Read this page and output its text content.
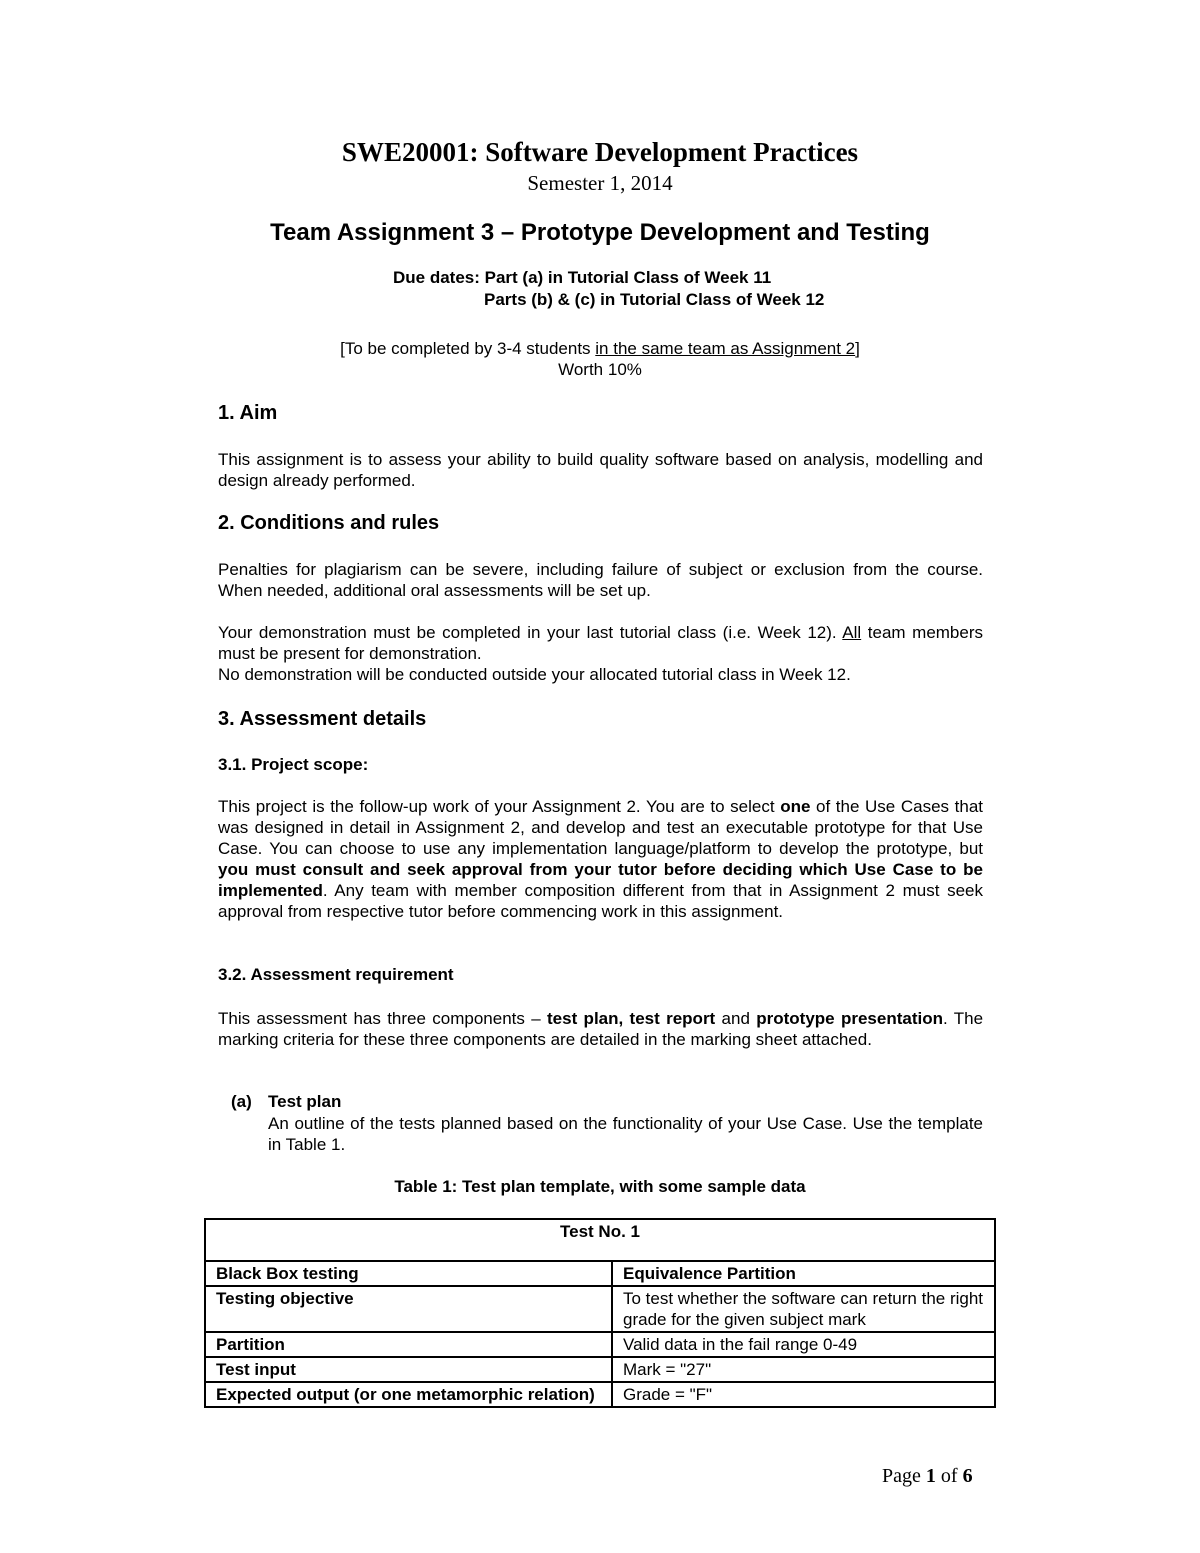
SWE20001: Software Development Practices
Semester 1, 2014
Team Assignment 3 – Prototype Development and Testing
Due dates: Part (a) in Tutorial Class of Week 11
Parts (b) & (c) in Tutorial Class of Week 12
[To be completed by 3-4 students in the same team as Assignment 2]
Worth 10%
1. Aim
This assignment is to assess your ability to build quality software based on analysis, modelling and design already performed.
2. Conditions and rules
Penalties for plagiarism can be severe, including failure of subject or exclusion from the course. When needed, additional oral assessments will be set up.
Your demonstration must be completed in your last tutorial class (i.e. Week 12). All team members must be present for demonstration.
No demonstration will be conducted outside your allocated tutorial class in Week 12.
3. Assessment details
3.1. Project scope:
This project is the follow-up work of your Assignment 2. You are to select one of the Use Cases that was designed in detail in Assignment 2, and develop and test an executable prototype for that Use Case. You can choose to use any implementation language/platform to develop the prototype, but you must consult and seek approval from your tutor before deciding which Use Case to be implemented. Any team with member composition different from that in Assignment 2 must seek approval from respective tutor before commencing work in this assignment.
3.2. Assessment requirement
This assessment has three components – test plan, test report and prototype presentation. The marking criteria for these three components are detailed in the marking sheet attached.
(a) Test plan
An outline of the tests planned based on the functionality of your Use Case. Use the template in Table 1.
Table 1: Test plan template, with some sample data
Test No. 1	
Black Box testing	Equivalence Partition
Testing objective	To test whether the software can return the right grade for the given subject mark
Partition	Valid data in the fail range 0-49
Test input	Mark = "27"
Expected output (or one metamorphic relation)	Grade = "F"
Page 1 of 6
